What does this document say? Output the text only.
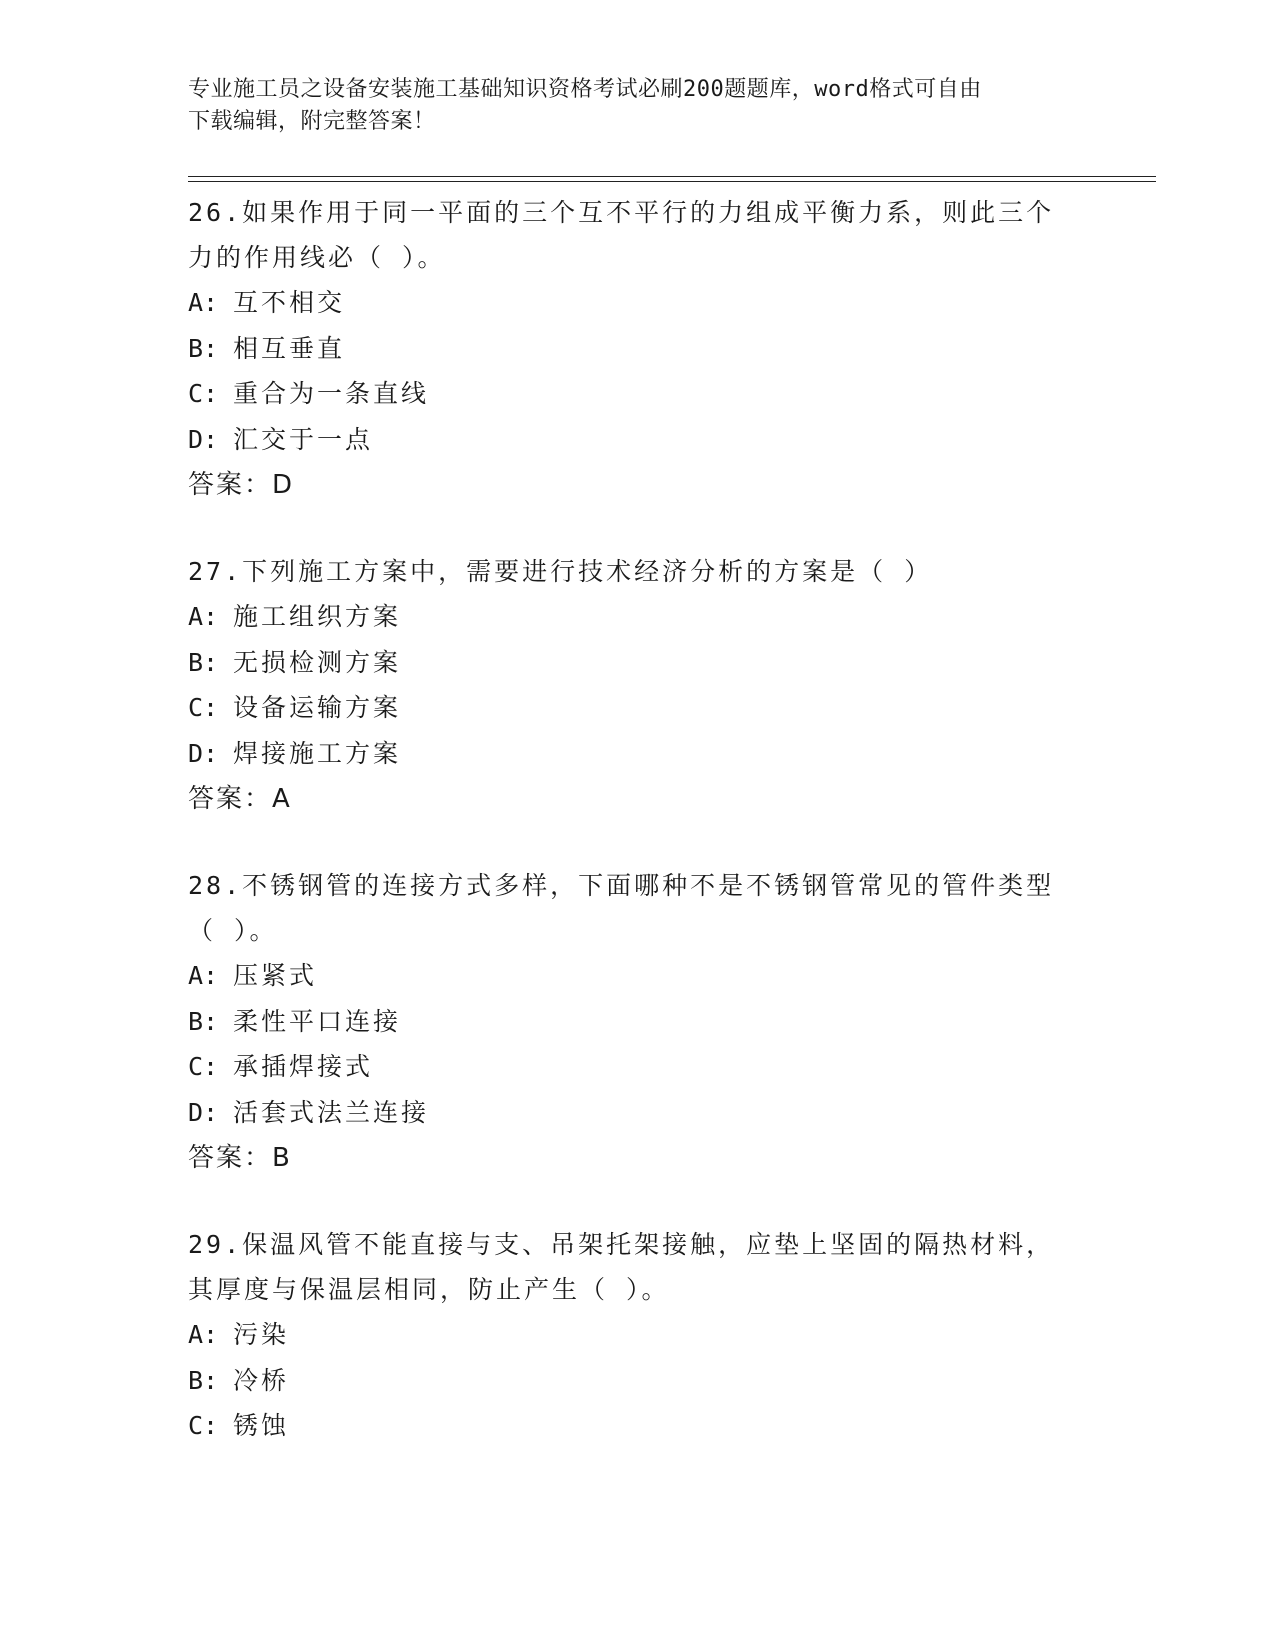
专业施工员之设备安装施工基础知识资格考试必刷200题题库，word格式可自由
下载编辑，附完整答案！
26.如果作用于同一平面的三个互不平行的力组成平衡力系，则此三个
力的作用线必（ ）。
A: 互不相交
B: 相互垂直
C: 重合为一条直线
D: 汇交于一点
答案：D
27.下列施工方案中，需要进行技术经济分析的方案是（ ）
A: 施工组织方案
B: 无损检测方案
C: 设备运输方案
D: 焊接施工方案
答案：A
28.不锈钢管的连接方式多样，下面哪种不是不锈钢管常见的管件类型
（ ）。
A: 压紧式
B: 柔性平口连接
C: 承插焊接式
D: 活套式法兰连接
答案：B
29.保温风管不能直接与支、吊架托架接触，应垫上坚固的隔热材料，
其厚度与保温层相同，防止产生（ ）。
A: 污染
B: 冷桥
C: 锈蚀
